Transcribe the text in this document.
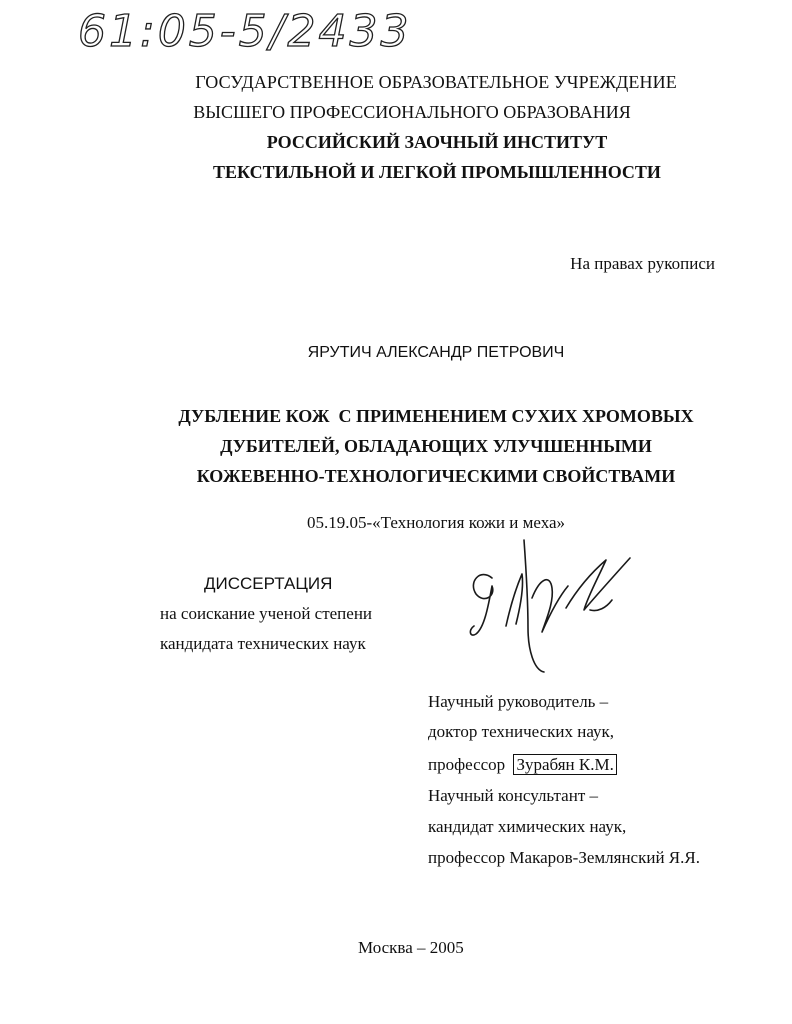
61:05-5/2433
ГОСУДАРСТВЕННОЕ ОБРАЗОВАТЕЛЬНОЕ УЧРЕЖДЕНИЕ
ВЫСШЕГО ПРОФЕССИОНАЛЬНОГО ОБРАЗОВАНИЯ
РОССИЙСКИЙ ЗАОЧНЫЙ ИНСТИТУТ
ТЕКСТИЛЬНОЙ И ЛЕГКОЙ ПРОМЫШЛЕННОСТИ
На правах рукописи
ЯРУТИЧ АЛЕКСАНДР ПЕТРОВИЧ
ДУБЛЕНИЕ КОЖ  С ПРИМЕНЕНИЕМ СУХИХ ХРОМОВЫХ
ДУБИТЕЛЕЙ, ОБЛАДАЮЩИХ УЛУЧШЕННЫМИ
КОЖЕВЕННО-ТЕХНОЛОГИЧЕСКИМИ СВОЙСТВАМИ
05.19.05-«Технология кожи и меха»
ДИССЕРТАЦИЯ
на соискание ученой степени
кандидата технических наук
Научный руководитель –
доктор технических наук,
профессор Зурабян К.М.
Научный консультант –
кандидат химических наук,
профессор Макаров-Землянский Я.Я.
Москва – 2005
